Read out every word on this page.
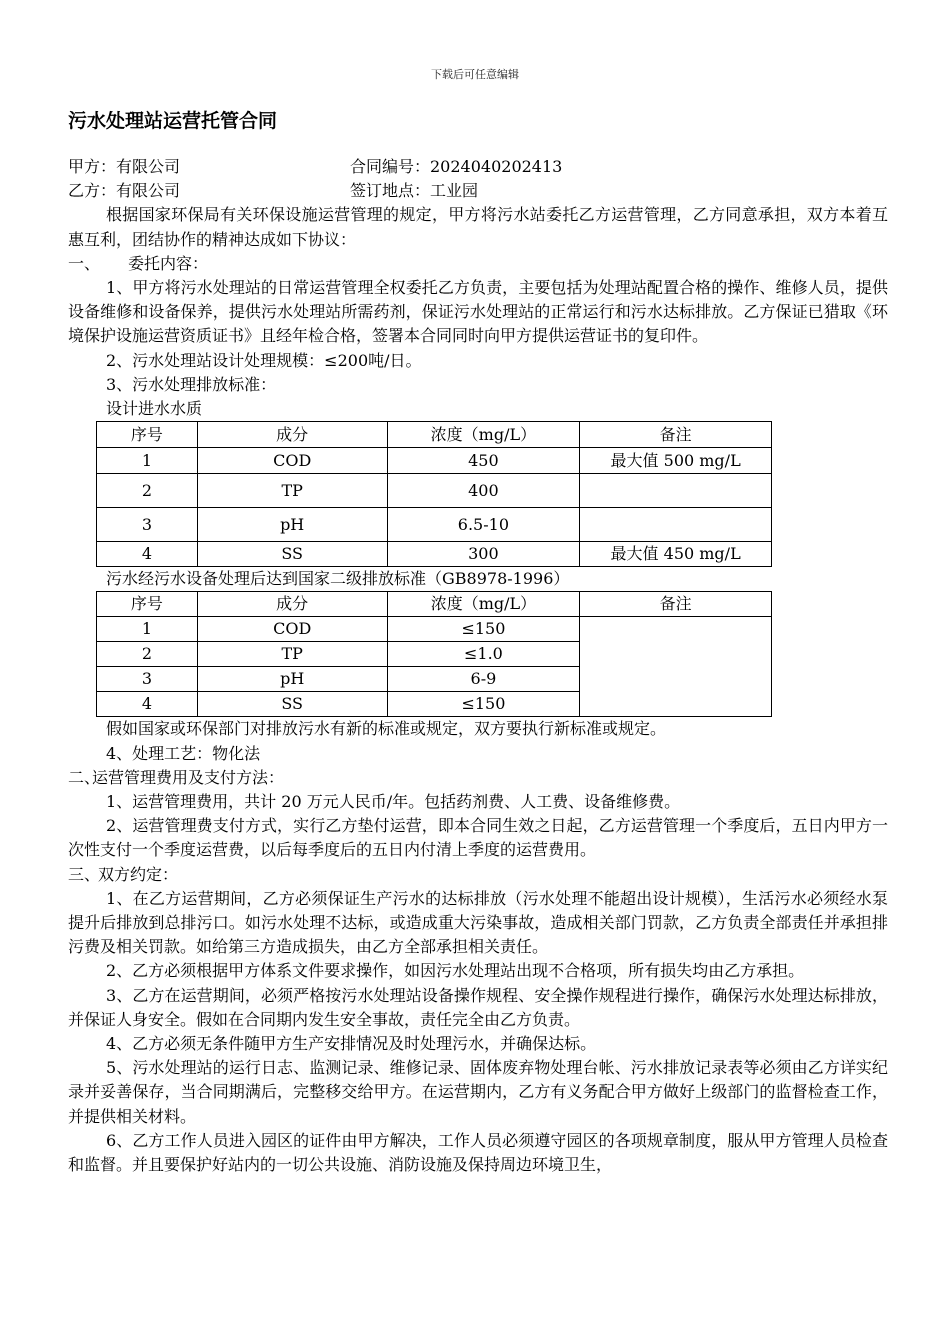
下载后可任意编辑
污水处理站运营托管合同
甲方：有限公司	合同编号：2024040202413
乙方：有限公司	签订地点：工业园
根据国家环保局有关环保设施运营管理的规定，甲方将污水站委托乙方运营管理，乙方同意承担，双方本着互惠互利，团结协作的精神达成如下协议：
一、 委托内容：
1、甲方将污水处理站的日常运营管理全权委托乙方负责，主要包括为处理站配置合格的操作、维修人员，提供设备维修和设备保养，提供污水处理站所需药剂，保证污水处理站的正常运行和污水达标排放。乙方保证已猎取《环境保护设施运营资质证书》且经年检合格，签署本合同同时向甲方提供运营证书的复印件。
2、污水处理站设计处理规模：≤200吨/日。
3、污水处理排放标准：
设计进水水质
序号	成分	浓度（mg/L）	备注
1	COD	450	最大值 500 mg/L
2	TP	400	
3	pH	6.5-10	
4	SS	300	最大值 450 mg/L
污水经污水设备处理后达到国家二级排放标准（GB8978-1996）
序号	成分	浓度（mg/L）	备注
1	COD	≤150	
2	TP	≤1.0	
3	pH	6-9	
4	SS	≤150	
假如国家或环保部门对排放污水有新的标准或规定，双方要执行新标准或规定。
4、处理工艺：物化法
二、运营管理费用及支付方法：
1、运营管理费用，共计 20 万元人民币/年。包括药剂费、人工费、设备维修费。
2、运营管理费支付方式，实行乙方垫付运营，即本合同生效之日起，乙方运营管理一个季度后，五日内甲方一次性支付一个季度运营费，以后每季度后的五日内付清上季度的运营费用。
三、双方约定：
1、在乙方运营期间，乙方必须保证生产污水的达标排放（污水处理不能超出设计规模），生活污水必须经水泵提升后排放到总排污口。如污水处理不达标，或造成重大污染事故，造成相关部门罚款，乙方负责全部责任并承担排污费及相关罚款。如给第三方造成损失，由乙方全部承担相关责任。
2、乙方必须根据甲方体系文件要求操作，如因污水处理站出现不合格项，所有损失均由乙方承担。
3、乙方在运营期间，必须严格按污水处理站设备操作规程、安全操作规程进行操作，确保污水处理达标排放，并保证人身安全。假如在合同期内发生安全事故，责任完全由乙方负责。
4、乙方必须无条件随甲方生产安排情况及时处理污水，并确保达标。
5、污水处理站的运行日志、监测记录、维修记录、固体废弃物处理台帐、污水排放记录表等必须由乙方详实纪录并妥善保存，当合同期满后，完整移交给甲方。在运营期内，乙方有义务配合甲方做好上级部门的监督检查工作，并提供相关材料。
6、乙方工作人员进入园区的证件由甲方解决，工作人员必须遵守园区的各项规章制度，服从甲方管理人员检查和监督。并且要保护好站内的一切公共设施、消防设施及保持周边环境卫生，
